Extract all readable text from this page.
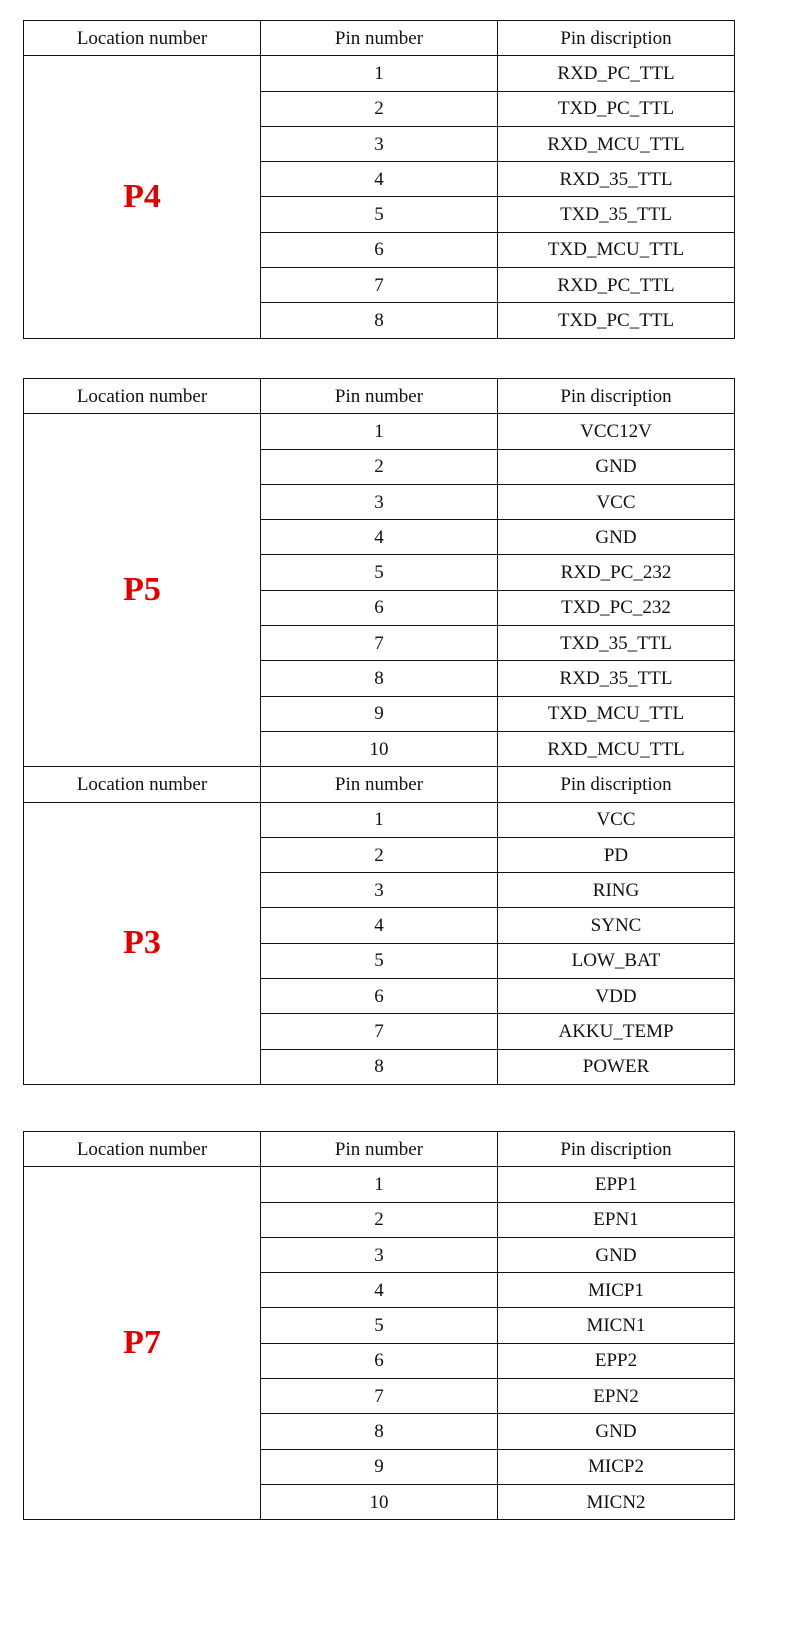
Location number	Pin number	Pin discription
P4	1	RXD_PC_TTL
	2	TXD_PC_TTL
	3	RXD_MCU_TTL
	4	RXD_35_TTL
	5	TXD_35_TTL
	6	TXD_MCU_TTL
	7	RXD_PC_TTL
	8	TXD_PC_TTL
Location number	Pin number	Pin discription
P5	1	VCC12V
	2	GND
	3	VCC
	4	GND
	5	RXD_PC_232
	6	TXD_PC_232
	7	TXD_35_TTL
	8	RXD_35_TTL
	9	TXD_MCU_TTL
	10	RXD_MCU_TTL
Location number	Pin number	Pin discription
P3	1	VCC
	2	PD
	3	RING
	4	SYNC
	5	LOW_BAT
	6	VDD
	7	AKKU_TEMP
	8	POWER
Location number	Pin number	Pin discription
P7	1	EPP1
	2	EPN1
	3	GND
	4	MICP1
	5	MICN1
	6	EPP2
	7	EPN2
	8	GND
	9	MICP2
	10	MICN2
